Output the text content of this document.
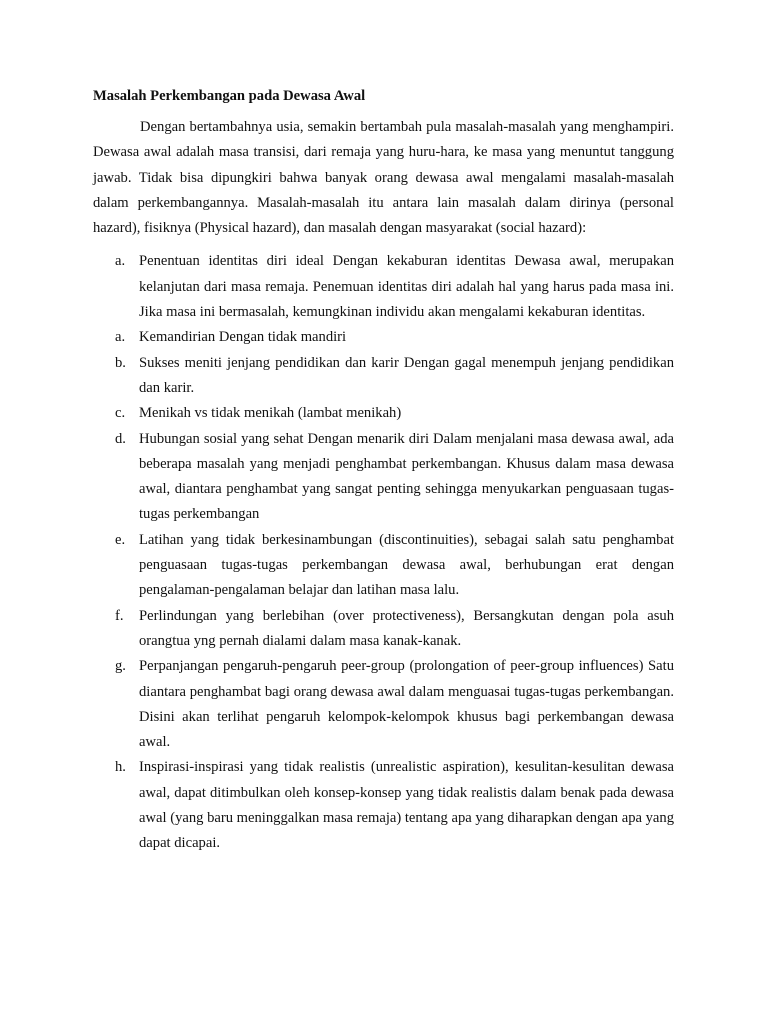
Masalah Perkembangan pada Dewasa Awal

Dengan bertambahnya usia, semakin bertambah pula masalah-masalah yang menghampiri. Dewasa awal adalah masa transisi, dari remaja yang huru-hara, ke masa yang menuntut tanggung jawab. Tidak bisa dipungkiri bahwa banyak orang dewasa awal mengalami masalah-masalah dalam perkembangannya. Masalah-masalah itu antara lain masalah dalam dirinya (personal hazard), fisiknya (Physical hazard), dan masalah dengan masyarakat (social hazard):

a. Penentuan identitas diri ideal Dengan kekaburan identitas Dewasa awal, merupakan kelanjutan dari masa remaja. Penemuan identitas diri adalah hal yang harus pada masa ini. Jika masa ini bermasalah, kemungkinan individu akan mengalami kekaburan identitas.
a. Kemandirian Dengan tidak mandiri
b. Sukses meniti jenjang pendidikan dan karir Dengan gagal menempuh jenjang pendidikan dan karir.
c. Menikah vs tidak menikah (lambat menikah)
d. Hubungan sosial yang sehat Dengan menarik diri Dalam menjalani masa dewasa awal, ada beberapa masalah yang menjadi penghambat perkembangan. Khusus dalam masa dewasa awal, diantara penghambat yang sangat penting sehingga menyukarkan penguasaan tugas-tugas perkembangan
e. Latihan yang tidak berkesinambungan (discontinuities), sebagai salah satu penghambat penguasaan tugas-tugas perkembangan dewasa awal, berhubungan erat dengan pengalaman-pengalaman belajar dan latihan masa lalu.
f. Perlindungan yang berlebihan (over protectiveness), Bersangkutan dengan pola asuh orangtua yng pernah dialami dalam masa kanak-kanak.
g. Perpanjangan pengaruh-pengaruh peer-group (prolongation of peer-group influences) Satu diantara penghambat bagi orang dewasa awal dalam menguasai tugas-tugas perkembangan. Disini akan terlihat pengaruh kelompok-kelompok khusus bagi perkembangan dewasa awal.
h. Inspirasi-inspirasi yang tidak realistis (unrealistic aspiration), kesulitan-kesulitan dewasa awal, dapat ditimbulkan oleh konsep-konsep yang tidak realistis dalam benak pada dewasa awal (yang baru meninggalkan masa remaja) tentang apa yang diharapkan dengan apa yang dapat dicapai.
